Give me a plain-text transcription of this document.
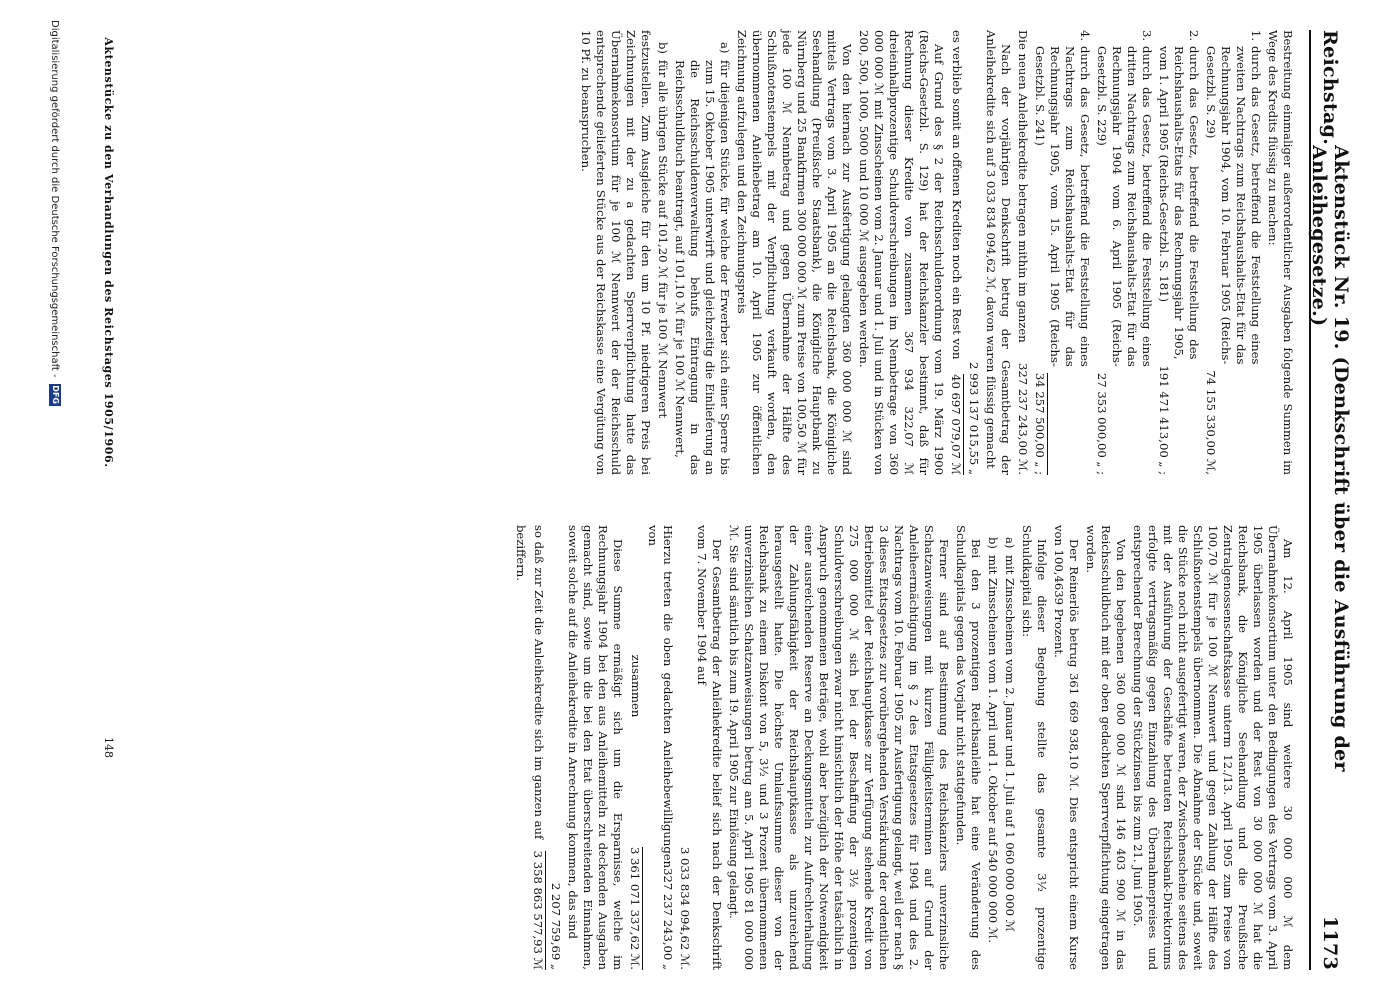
Reichstag.
Aktenstück Nr. 19. (Denkschrift über die Ausführung der Anleihegesetze.)
1173

Bestreitung einmaliger außerordentlicher Ausgaben folgende Summen im Wege des Kredits flüssig zu machen:

1.
durch das Gesetz, betreffend die Feststellung eines zweiten Nachtrags zum Reichshaushalts-Etat für das Rechnungsjahr 1904, vom 10. Februar 1905 (Reichs-Gesetzbl. S. 29)
74 155 330,00 ℳ,
2.
durch das Gesetz, betreffend die Feststellung des Reichshaushalts-Etats für das Rechnungsjahr 1905, vom 1. April 1905 (Reichs-Gesetzbl. S. 181)
191 471 413,00 „ ;
3.
durch das Gesetz, betreffend die Feststellung eines dritten Nachtrags zum Reichshaushalts-Etat für das Rechnungsjahr 1904 vom 6. April 1905 (Reichs-Gesetzbl. S. 229)
27 353 000,00 „ ;
4.
durch das Gesetz, betreffend die Feststellung eines Nachtrags zum Reichshaushalts-Etat für das Rechnungsjahr 1905, vom 15. April 1905 (Reichs-Gesetzbl. S. 241)
34 257 500,00 „ ;
Die neuen Anleihekredite betragen mithin im ganzen
327 237 243,00 ℳ.

Nach der vorjährigen Denkschrift betrug der Gesamtbetrag der Anleihekredite sich auf 3 033 834 094,62 ℳ, davon waren flüssig gemacht

2 993 137 015,55 „
es verblieb somit an offenen Krediten noch ein Rest von
40 697 079,07 ℳ

Auf Grund des § 2 der Reichsschuldenordnung vom 19. März 1900 (Reichs-Gesetzbl. S. 129) hat der Reichskanzler bestimmt, daß für Rechnung dieser Kredite von zusammen 367 934 322,07 ℳ dreieinhalbprozentige Schuldverschreibungen im Nennbetrage von 360 000 000 ℳ mit Zinsscheinen vom 2. Januar und 1. Juli und in Stücken von 200, 500, 1000, 5000 und 10 000 ℳ ausgegeben werden.

Von den hiernach zur Ausfertigung gelangten 360 000 000 ℳ sind mittels Vertrags vom 3. April 1905 an die Reichsbank, die Königliche Seehandlung (Preußische Staatsbank), die Königliche Hauptbank zu Nürnberg und 25 Bankfirmen 300 000 000 ℳ zum Preise von 100,50 ℳ für jede 100 ℳ Nennbetrag und gegen Übernahme der Hälfte des Schlußnotenstempels mit der Verpflichtung verkauft worden, den übernommenen Anleihebetrag am 10. April 1905 zur öffentlichen Zeichnung aufzulegen und den Zeichnungspreis

a)
für diejenigen Stücke, für welche der Erwerber sich einer Sperre bis zum 15. Oktober 1905 unterwirft und gleichzeitig die Einlieferung an die Reichsschuldenverwaltung behufs Eintragung in das Reichsschuldbuch beantragt, auf 101,10 ℳ für je 100 ℳ Nennwert,
b)
für alle übrigen Stücke auf 101,20 ℳ für je 100 ℳ Nennwert

festzustellen. Zum Ausgleiche für den um 10 Pf. niedrigeren Preis bei Zeichnungen mit der zu a gedachten Sperrverpflichtung hatte das Übernahmekonsortium für je 100 ℳ Nennwert der der Reichsschuld entsprechende gelieferten Stücke aus der Reichskasse eine Vergütung von 10 Pf. zu beanspruchen.

Am 12. April 1905 sind weitere 30 000 000 ℳ dem Übernahmekonsortium unter den Bedingungen des Vertrags vom 3. April 1905 überlassen worden und der Rest von 30 000 000 ℳ hat die Reichsbank, die Königliche Seehandlung und die Preußische Zentralgenossenschaftskasse unterm 12./13. April 1905 zum Preise von 100,70 ℳ für je 100 ℳ Nennwert und gegen Zahlung der Hälfte des Schlußnotenstempels übernommen. Die Abnahme der Stücke und, soweit die Stücke noch nicht ausgefertigt waren, der Zwischenscheine seitens des mit der Ausführung der Geschäfte betrauten Reichsbank-Direktoriums erfolgte vertragsmäßig gegen Einzahlung des Übernahmepreises und entsprechender Berechnung der Stückzinsen bis zum 21. Juni 1905.

Von den begebenen 360 000 000 ℳ sind 146 403 900 ℳ in das Reichsschuldbuch mit der oben gedachten Sperrverpflichtung eingetragen worden.

Der Reinerlös betrug 361 669 938,10 ℳ. Dies entspricht einem Kurse von 100,4639 Prozent.

Infolge dieser Begebung stellte das gesamte 3½ prozentige Schuldkapital sich:

a)
mit Zinsscheinen vom 2. Januar und 1. Juli auf 1 060 000 000 ℳ
b)
mit Zinsscheinen vom 1. April und 1. Oktober auf 540 000 000 ℳ.

Bei den 3 prozentigen Reichsanleihe hat eine Veränderung des Schuldkapitals gegen das Vorjahr nicht stattgefunden.

Ferner sind auf Bestimmung des Reichskanzlers unverzinsliche Schatzanweisungen mit kurzen Fälligkeitsterminen auf Grund der Anleiheermächtigung im § 2 des Etatsgesetzes für 1904 und des 2. Nachtrags vom 10. Februar 1905 zur Ausfertigung gelangt, weil der nach § 3 dieses Etatsgesetzes zur vorübergehenden Verstärkung der ordentlichen Betriebsmittel der Reichshauptkasse zur Verfügung stehende Kredit von 275 000 000 ℳ sich bei der Beschaffung der 3½ prozentigen Schuldverschreibungen zwar nicht hinsichtlich der Höhe der tatsächlich in Anspruch genommenen Beträge, wohl aber bezüglich der Notwendigkeit einer ausreichenden Reserve an Deckungsmitteln zur Aufrechterhaltung der Zahlungsfähigkeit der Reichshauptkasse als unzureichend herausgestellt hatte. Die höchste Umlaufssumme dieser von der Reichsbank zu einem Diskont von 5, 3½ und 3 Prozent übernommenen unverzinslichen Schatzanweisungen betrug am 5. April 1905 81 000 000 ℳ. Sie sind sämtlich bis zum 19. April 1905 zur Einlösung gelangt.

Der Gesamtbetrag der Anleihekredite belief sich nach der Denkschrift vom 7. November 1904 auf

3 033 834 094,62 ℳ.
Hierzu treten die oben gedachten Anleihebewilligungen von
327 237 243,00 „
zusammen
3 361 071 337,62 ℳ.

Diese Summe ermäßigt sich um die Ersparnisse, welche im Rechnungsjahr 1904 bei den aus Anleihemitteln zu deckenden Ausgaben gemacht sind, sowie um die bei den Etat überschreitenden Einnahmen, soweit solche auf die Anleihekredite in Anrechnung kommen, das sind

2 207 759,69 „
so daß zur Zeit die Anleihekredite sich im ganzen auf
3 358 863 577,93 ℳ

beziffern.

Aktenstücke zu den Verhandlungen des Reichstages 1905/1906.
148
Digitalisierung gefördert durch die Deutsche Forschungsgemeinschaft -
DFG
